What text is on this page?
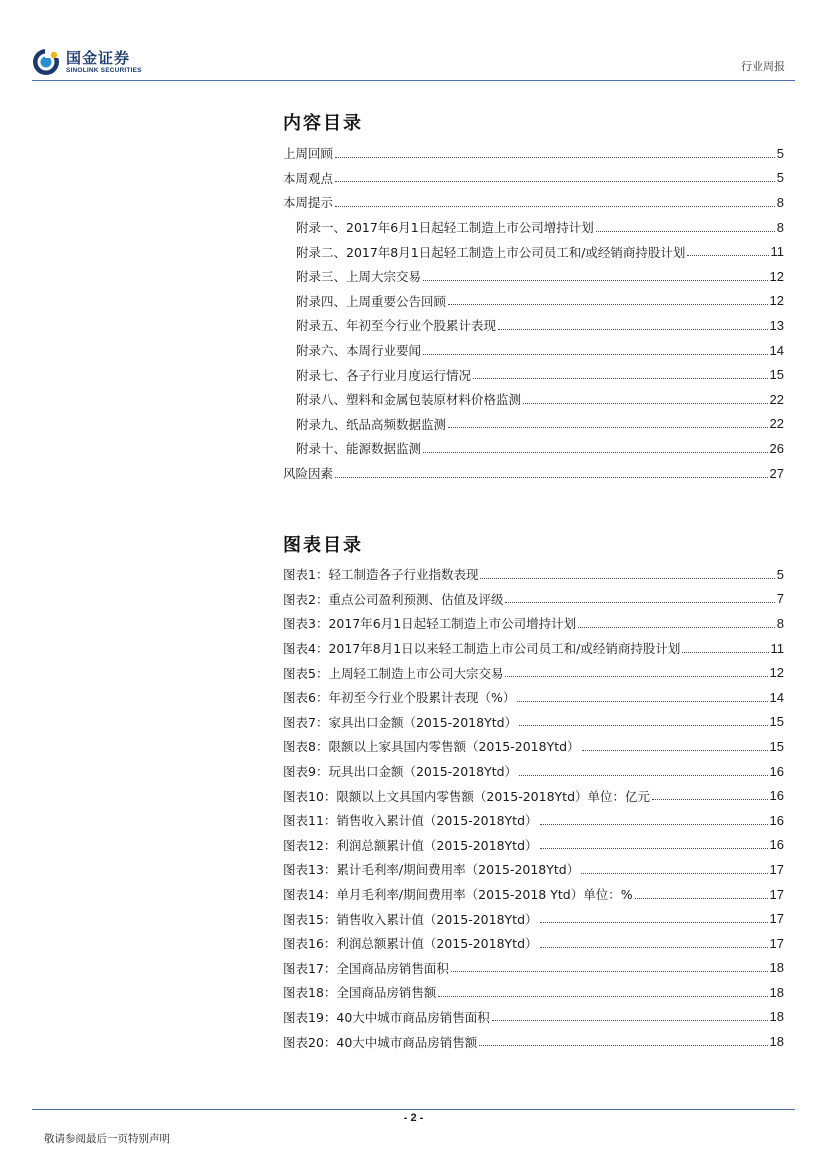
国金证券
SINOLINK SECURITIES	行业周报
内容目录
上周回顾	5
本周观点	5
本周提示	8
附录一、2017年6月1日起轻工制造上市公司增持计划	8
附录二、2017年8月1日起轻工制造上市公司员工和/或经销商持股计划	11
附录三、上周大宗交易	12
附录四、上周重要公告回顾	12
附录五、年初至今行业个股累计表现	13
附录六、本周行业要闻	14
附录七、各子行业月度运行情况	15
附录八、塑料和金属包装原材料价格监测	22
附录九、纸品高频数据监测	22
附录十、能源数据监测	26
风险因素	27
图表目录
图表1：轻工制造各子行业指数表现	5
图表2：重点公司盈利预测、估值及评级	7
图表3：2017年6月1日起轻工制造上市公司增持计划	8
图表4：2017年8月1日以来轻工制造上市公司员工和/或经销商持股计划	11
图表5：上周轻工制造上市公司大宗交易	12
图表6：年初至今行业个股累计表现（%）	14
图表7：家具出口金额（2015-2018Ytd）	15
图表8：限额以上家具国内零售额（2015-2018Ytd）	15
图表9：玩具出口金额（2015-2018Ytd）	16
图表10：限额以上文具国内零售额（2015-2018Ytd）单位：亿元	16
图表11：销售收入累计值（2015-2018Ytd）	16
图表12：利润总额累计值（2015-2018Ytd）	16
图表13：累计毛利率/期间费用率（2015-2018Ytd）	17
图表14：单月毛利率/期间费用率（2015-2018 Ytd）单位：%	17
图表15：销售收入累计值（2015-2018Ytd）	17
图表16：利润总额累计值（2015-2018Ytd）	17
图表17：全国商品房销售面积	18
图表18：全国商品房销售额	18
图表19：40大中城市商品房销售面积	18
图表20：40大中城市商品房销售额	18
- 2 -
敬请参阅最后一页特别声明
